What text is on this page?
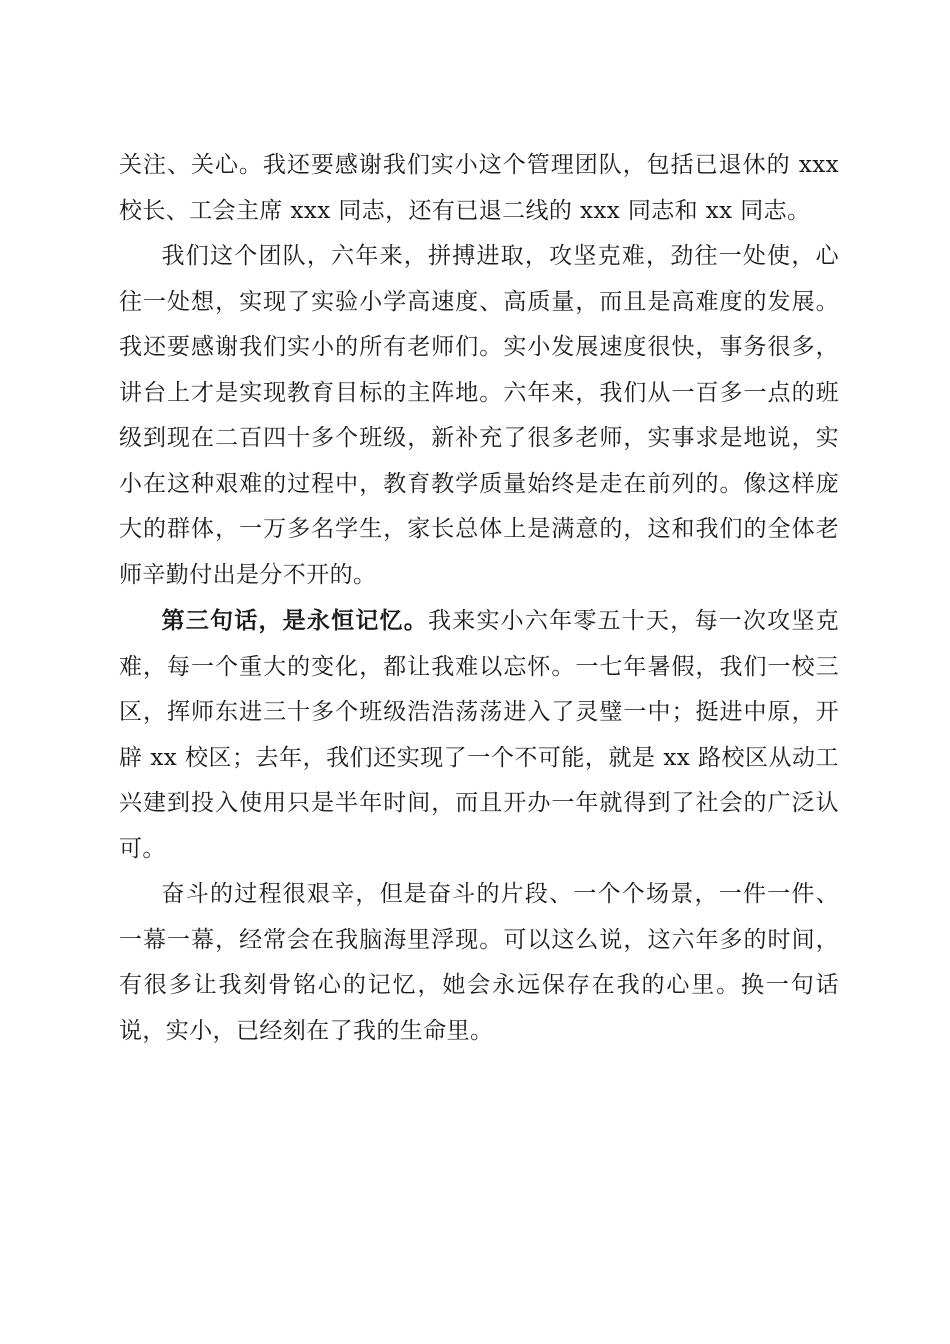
关注、关心。我还要感谢我们实小这个管理团队，包括已退休的 xxx 校长、工会主席 xxx 同志，还有已退二线的 xxx 同志和 xx 同志。

我们这个团队，六年来，拼搏进取，攻坚克难，劲往一处使，心往一处想，实现了实验小学高速度、高质量，而且是高难度的发展。我还要感谢我们实小的所有老师们。实小发展速度很快，事务很多，讲台上才是实现教育目标的主阵地。六年来，我们从一百多一点的班级到现在二百四十多个班级，新补充了很多老师，实事求是地说，实小在这种艰难的过程中，教育教学质量始终是走在前列的。像这样庞大的群体，一万多名学生，家长总体上是满意的，这和我们的全体老师辛勤付出是分不开的。

第三句话，是永恒记忆。我来实小六年零五十天，每一次攻坚克难，每一个重大的变化，都让我难以忘怀。一七年暑假，我们一校三区，挥师东进三十多个班级浩浩荡荡进入了灵璧一中；挺进中原，开辟 xx 校区；去年，我们还实现了一个不可能，就是 xx 路校区从动工兴建到投入使用只是半年时间，而且开办一年就得到了社会的广泛认可。

奋斗的过程很艰辛，但是奋斗的片段、一个个场景，一件一件、一幕一幕，经常会在我脑海里浮现。可以这么说，这六年多的时间，有很多让我刻骨铭心的记忆，她会永远保存在我的心里。换一句话说，实小，已经刻在了我的生命里。
